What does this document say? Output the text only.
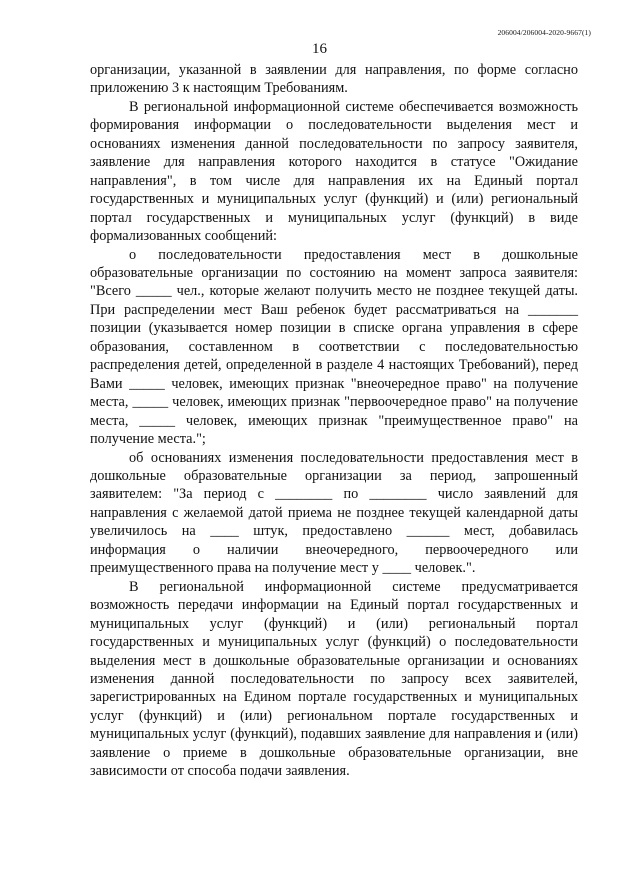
206004/206004-2020-9667(1)
16

организации, указанной в заявлении для направления, по форме согласно приложению 3 к настоящим Требованиям.

В региональной информационной системе обеспечивается возможность формирования информации о последовательности выделения мест и основаниях изменения данной последовательности по запросу заявителя, заявление для направления которого находится в статусе "Ожидание направления", в том числе для направления их на Единый портал государственных и муниципальных услуг (функций) и (или) региональный портал государственных и муниципальных услуг (функций) в виде формализованных сообщений:

о последовательности предоставления мест в дошкольные образовательные организации по состоянию на момент запроса заявителя: "Всего _____ чел., которые желают получить место не позднее текущей даты. При распределении мест Ваш ребенок будет рассматриваться на _______ позиции (указывается номер позиции в списке органа управления в сфере образования, составленном в соответствии с последовательностью распределения детей, определенной в разделе 4 настоящих Требований), перед Вами _____ человек, имеющих признак "внеочередное право" на получение места, _____ человек, имеющих признак "первоочередное право" на получение места, _____ человек, имеющих признак "преимущественное право" на получение места.";

об основаниях изменения последовательности предоставления мест в дошкольные образовательные организации за период, запрошенный заявителем: "За период с ________ по ________ число заявлений для направления с желаемой датой приема не позднее текущей календарной даты увеличилось на ____ штук, предоставлено ______ мест, добавилась информация о наличии внеочередного, первоочередного или преимущественного права на получение мест у ____ человек.".

В региональной информационной системе предусматривается возможность передачи информации на Единый портал государственных и муниципальных услуг (функций) и (или) региональный портал государственных и муниципальных услуг (функций) о последовательности выделения мест в дошкольные образовательные организации и основаниях изменения данной последовательности по запросу всех заявителей, зарегистрированных на Едином портале государственных и муниципальных услуг (функций) и (или) региональном портале государственных и муниципальных услуг (функций), подавших заявление для направления и (или) заявление о приеме в дошкольные образовательные организации, вне зависимости от способа подачи заявления.
